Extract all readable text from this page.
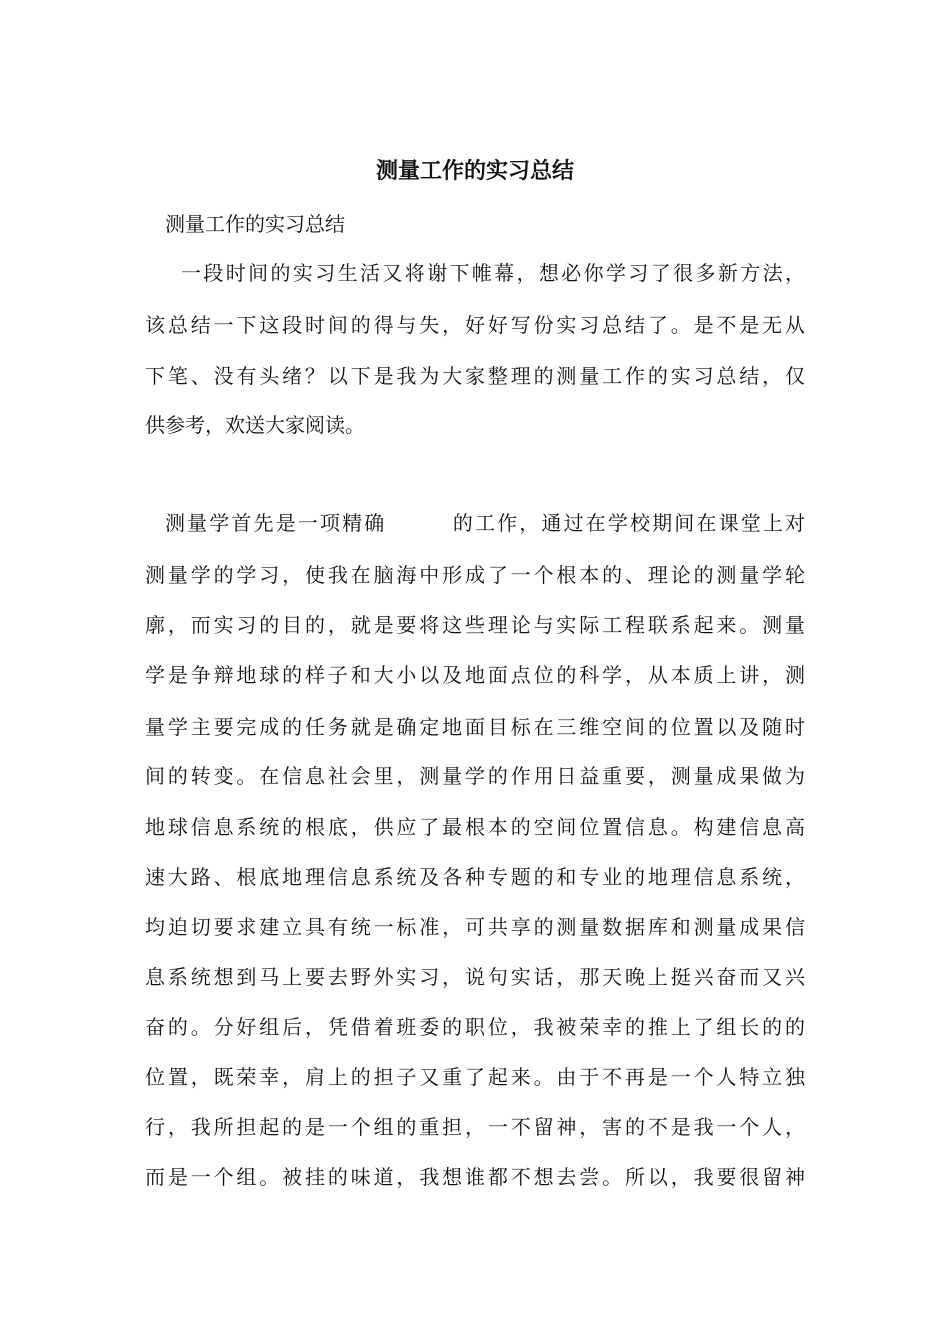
测量工作的实习总结
测量工作的实习总结
一段时间的实习生活又将谢下帷幕，想必你学习了很多新方法，
该总结一下这段时间的得与失，好好写份实习总结了。是不是无从
下笔、没有头绪？以下是我为大家整理的测量工作的实习总结，仅
供参考，欢送大家阅读。
测量学首先是一项精确　　　的工作，通过在学校期间在课堂上对
测量学的学习，使我在脑海中形成了一个根本的、理论的测量学轮
廓，而实习的目的，就是要将这些理论与实际工程联系起来。测量
学是争辩地球的样子和大小以及地面点位的科学，从本质上讲，测
量学主要完成的任务就是确定地面目标在三维空间的位置以及随时
间的转变。在信息社会里，测量学的作用日益重要，测量成果做为
地球信息系统的根底，供应了最根本的空间位置信息。构建信息高
速大路、根底地理信息系统及各种专题的和专业的地理信息系统，
均迫切要求建立具有统一标准，可共享的测量数据库和测量成果信
息系统想到马上要去野外实习，说句实话，那天晚上挺兴奋而又兴
奋的。分好组后，凭借着班委的职位，我被荣幸的推上了组长的的
位置，既荣幸，肩上的担子又重了起来。由于不再是一个人特立独
行，我所担起的是一个组的重担，一不留神，害的不是我一个人，
而是一个组。被挂的味道，我想谁都不想去尝。所以，我要很留神
